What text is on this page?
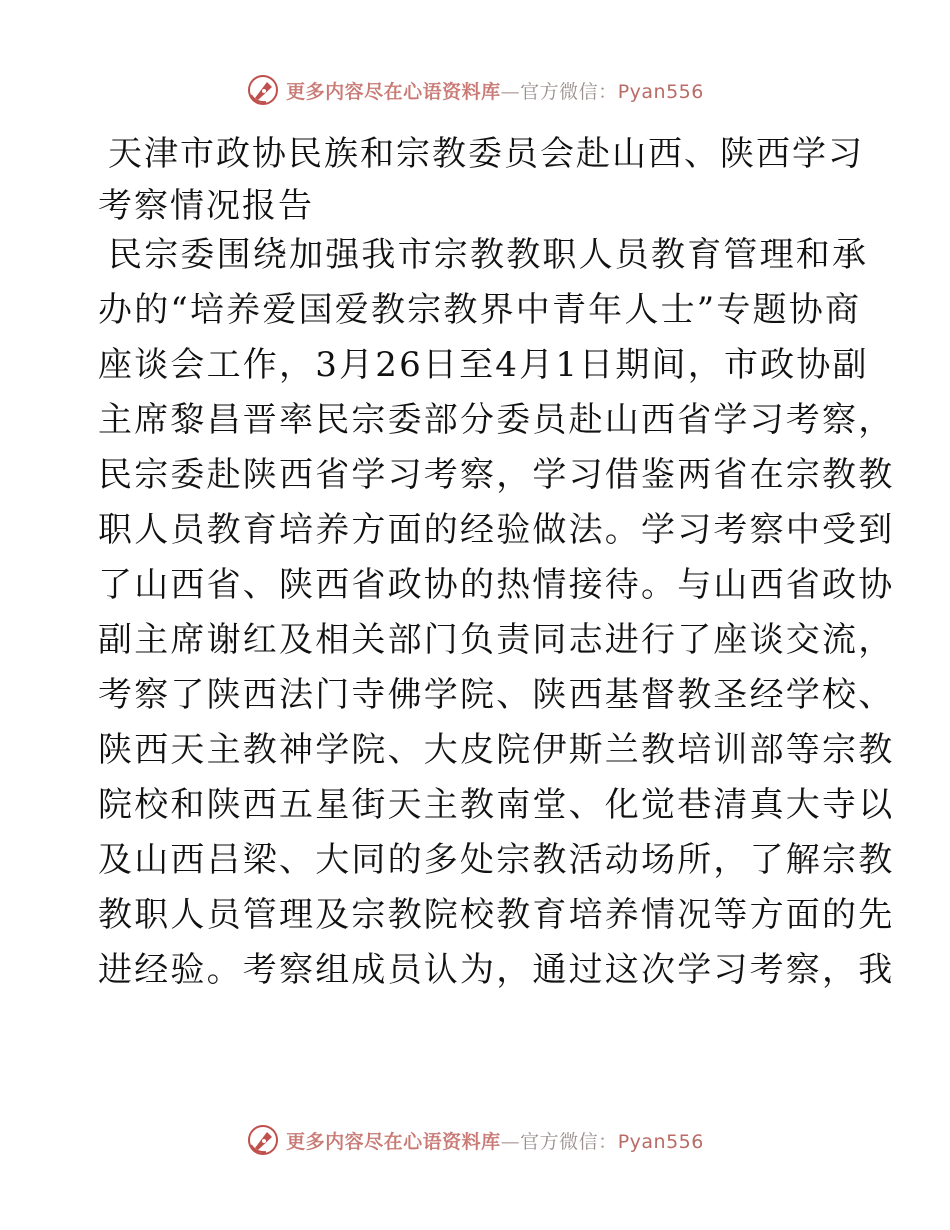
更多内容尽在心语资料库—官方微信：Pyan556
天津市政协民族和宗教委员会赴山西、陕西学习
考察情况报告
民宗委围绕加强我市宗教教职人员教育管理和承
办的“培养爱国爱教宗教界中青年人士”专题协商
座谈会工作，3月26日至4月1日期间，市政协副
主席黎昌晋率民宗委部分委员赴山西省学习考察，
民宗委赴陕西省学习考察，学习借鉴两省在宗教教
职人员教育培养方面的经验做法。学习考察中受到
了山西省、陕西省政协的热情接待。与山西省政协
副主席谢红及相关部门负责同志进行了座谈交流，
考察了陕西法门寺佛学院、陕西基督教圣经学校、
陕西天主教神学院、大皮院伊斯兰教培训部等宗教
院校和陕西五星街天主教南堂、化觉巷清真大寺以
及山西吕梁、大同的多处宗教活动场所，了解宗教
教职人员管理及宗教院校教育培养情况等方面的先
进经验。考察组成员认为，通过这次学习考察，我
更多内容尽在心语资料库—官方微信：Pyan556
